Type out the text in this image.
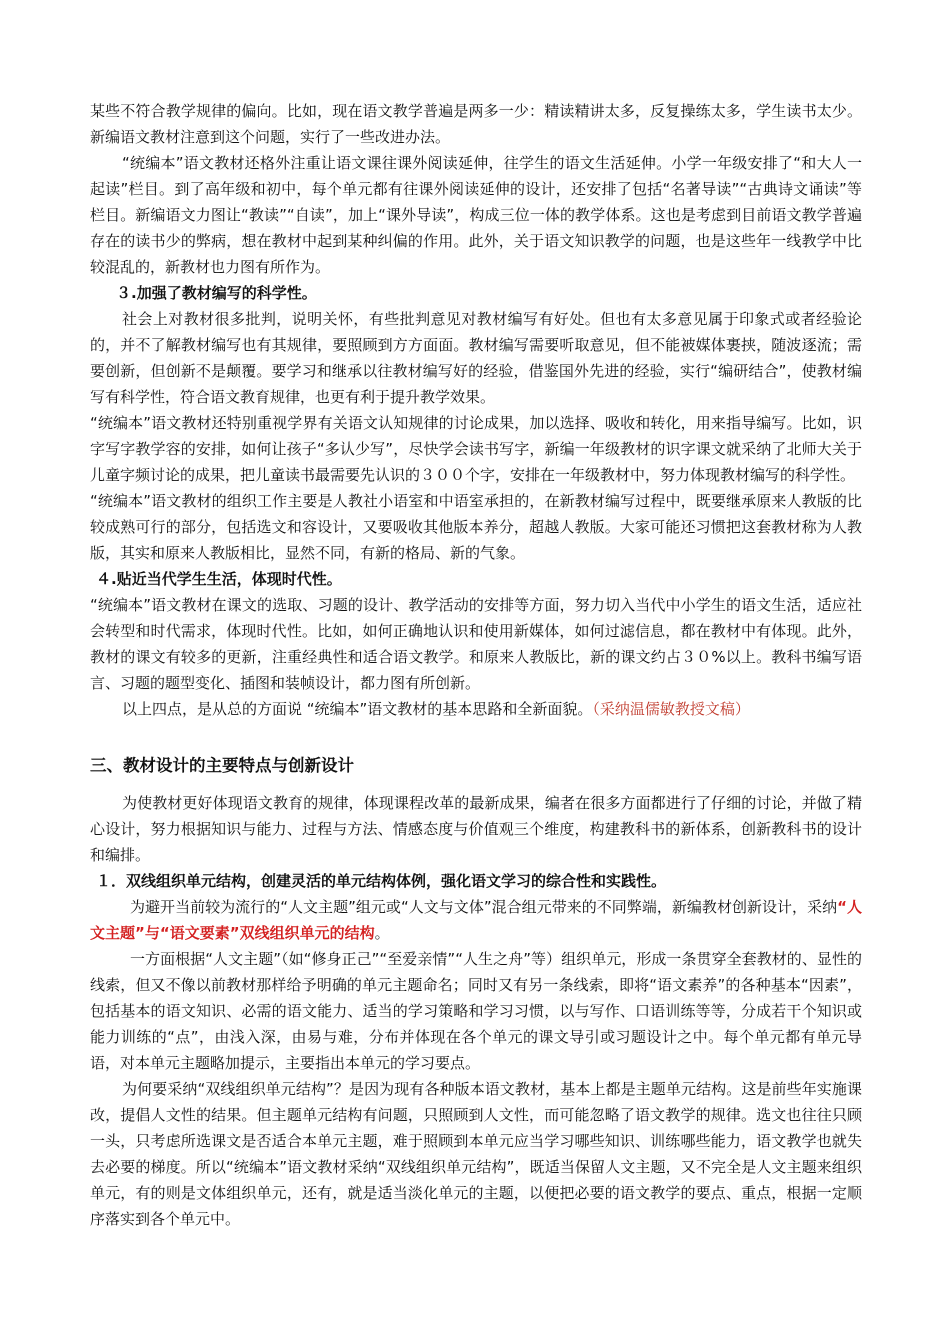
某些不符合教学规律的偏向。比如，现在语文教学普遍是两多一少：精读精讲太多，反复操练太多，学生读书太少。新编语文教材注意到这个问题，实行了一些改进办法。

“统编本”语文教材还格外注重让语文课往课外阅读延伸，往学生的语文生活延伸。小学一年级安排了“和大人一起读”栏目。到了高年级和初中，每个单元都有往课外阅读延伸的设计，还安排了包括“名著导读”“古典诗文诵读”等栏目。新编语文力图让“教读”“自读”，加上“课外导读”，构成三位一体的教学体系。这也是考虑到目前语文教学普遍存在的读书少的弊病，想在教材中起到某种纠偏的作用。此外，关于语文知识教学的问题，也是这些年一线教学中比较混乱的，新教材也力图有所作为。

３.加强了教材编写的科学性。

社会上对教材很多批判，说明关怀，有些批判意见对教材编写有好处。但也有太多意见属于印象式或者经验论的，并不了解教材编写也有其规律，要照顾到方方面面。教材编写需要听取意见，但不能被媒体裹挟，随波逐流；需要创新，但创新不是颠覆。要学习和继承以往教材编写好的经验，借鉴国外先进的经验，实行“编研结合”，使教材编写有科学性，符合语文教育规律，也更有利于提升教学效果。

“统编本”语文教材还特别重视学界有关语文认知规律的讨论成果，加以选择、吸收和转化，用来指导编写。比如，识字写字教学容的安排，如何让孩子“多认少写”，尽快学会读书写字，新编一年级教材的识字课文就采纳了北师大关于儿童字频讨论的成果，把儿童读书最需要先认识的３００个字，安排在一年级教材中，努力体现教材编写的科学性。

“统编本”语文教材的组织工作主要是人教社小语室和中语室承担的，在新教材编写过程中，既要继承原来人教版的比较成熟可行的部分，包括选文和容设计，又要吸收其他版本养分，超越人教版。大家可能还习惯把这套教材称为人教版，其实和原来人教版相比，显然不同，有新的格局、新的气象。

４.贴近当代学生生活，体现时代性。

“统编本”语文教材在课文的选取、习题的设计、教学活动的安排等方面，努力切入当代中小学生的语文生活，适应社会转型和时代需求，体现时代性。比如，如何正确地认识和使用新媒体，如何过滤信息，都在教材中有体现。此外，教材的课文有较多的更新，注重经典性和适合语文教学。和原来人教版比，新的课文约占３０%以上。教科书编写语言、习题的题型变化、插图和装帧设计，都力图有所创新。

以上四点，是从总的方面说 “统编本”语文教材的基本思路和全新面貌。（采纳温儒敏教授文稿）

三、教材设计的主要特点与创新设计

为使教材更好体现语文教育的规律，体现课程改革的最新成果，编者在很多方面都进行了仔细的讨论，并做了精心设计，努力根据知识与能力、过程与方法、情感态度与价值观三个维度，构建教科书的新体系，创新教科书的设计和编排。

１．双线组织单元结构，创建灵活的单元结构体例，强化语文学习的综合性和实践性。

为避开当前较为流行的“人文主题”组元或“人文与文体”混合组元带来的不同弊端，新编教材创新设计，采纳“人文主题”与“语文要素”双线组织单元的结构。

一方面根据“人文主题”（如“修身正己”“至爱亲情”“人生之舟”等）组织单元，形成一条贯穿全套教材的、显性的线索，但又不像以前教材那样给予明确的单元主题命名；同时又有另一条线索，即将“语文素养”的各种基本“因素”，包括基本的语文知识、必需的语文能力、适当的学习策略和学习习惯，以与写作、口语训练等等，分成若干个知识或能力训练的“点”，由浅入深，由易与难，分布并体现在各个单元的课文导引或习题设计之中。每个单元都有单元导语，对本单元主题略加提示，主要指出本单元的学习要点。

为何要采纳“双线组织单元结构”？是因为现有各种版本语文教材，基本上都是主题单元结构。这是前些年实施课改，提倡人文性的结果。但主题单元结构有问题，只照顾到人文性，而可能忽略了语文教学的规律。选文也往往只顾一头，只考虑所选课文是否适合本单元主题，难于照顾到本单元应当学习哪些知识、训练哪些能力，语文教学也就失去必要的梯度。所以“统编本”语文教材采纳“双线组织单元结构”，既适当保留人文主题，又不完全是人文主题来组织单元，有的则是文体组织单元，还有，就是适当淡化单元的主题，以便把必要的语文教学的要点、重点，根据一定顺序落实到各个单元中。
